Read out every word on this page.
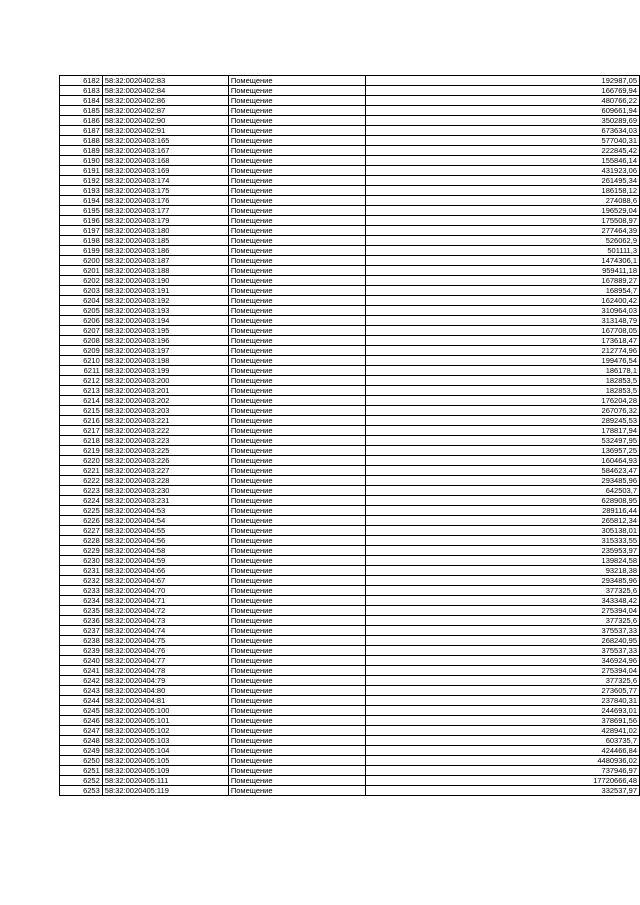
6182	58:32:0020402:83	Помещение	192987,05
6183	58:32:0020402:84	Помещение	166769,94
6184	58:32:0020402:86	Помещение	480766,22
6185	58:32:0020402:87	Помещение	609661,94
6186	58:32:0020402:90	Помещение	350289,69
6187	58:32:0020402:91	Помещение	673634,03
6188	58:32:0020403:165	Помещение	577040,31
6189	58:32:0020403:167	Помещение	222845,42
6190	58:32:0020403:168	Помещение	155846,14
6191	58:32:0020403:169	Помещение	431923,06
6192	58:32:0020403:174	Помещение	261495,34
6193	58:32:0020403:175	Помещение	186158,12
6194	58:32:0020403:176	Помещение	274088,6
6195	58:32:0020403:177	Помещение	196529,04
6196	58:32:0020403:179	Помещение	175508,97
6197	58:32:0020403:180	Помещение	277464,39
6198	58:32:0020403:185	Помещение	526062,9
6199	58:32:0020403:186	Помещение	501111,3
6200	58:32:0020403:187	Помещение	1474306,1
6201	58:32:0020403:188	Помещение	959411,18
6202	58:32:0020403:190	Помещение	167889,27
6203	58:32:0020403:191	Помещение	168954,7
6204	58:32:0020403:192	Помещение	162400,42
6205	58:32:0020403:193	Помещение	310964,03
6206	58:32:0020403:194	Помещение	313148,79
6207	58:32:0020403:195	Помещение	167708,05
6208	58:32:0020403:196	Помещение	173618,47
6209	58:32:0020403:197	Помещение	212774,96
6210	58:32:0020403:198	Помещение	199476,54
6211	58:32:0020403:199	Помещение	186178,1
6212	58:32:0020403:200	Помещение	182853,5
6213	58:32:0020403:201	Помещение	182853,5
6214	58:32:0020403:202	Помещение	176204,28
6215	58:32:0020403:203	Помещение	267076,32
6216	58:32:0020403:221	Помещение	289245,53
6217	58:32:0020403:222	Помещение	178817,94
6218	58:32:0020403:223	Помещение	532497,95
6219	58:32:0020403:225	Помещение	136957,25
6220	58:32:0020403:226	Помещение	160464,93
6221	58:32:0020403:227	Помещение	584623,47
6222	58:32:0020403:228	Помещение	293485,96
6223	58:32:0020403:230	Помещение	642503,7
6224	58:32:0020403:231	Помещение	628908,95
6225	58:32:0020404:53	Помещение	289116,44
6226	58:32:0020404:54	Помещение	265812,34
6227	58:32:0020404:55	Помещение	305138,01
6228	58:32:0020404:56	Помещение	315333,55
6229	58:32:0020404:58	Помещение	235953,97
6230	58:32:0020404:59	Помещение	139824,58
6231	58:32:0020404:66	Помещение	93218,38
6232	58:32:0020404:67	Помещение	293485,96
6233	58:32:0020404:70	Помещение	377325,6
6234	58:32:0020404:71	Помещение	343348,42
6235	58:32:0020404:72	Помещение	275394,04
6236	58:32:0020404:73	Помещение	377325,6
6237	58:32:0020404:74	Помещение	375537,33
6238	58:32:0020404:75	Помещение	268240,95
6239	58:32:0020404:76	Помещение	375537,33
6240	58:32:0020404:77	Помещение	346924,96
6241	58:32:0020404:78	Помещение	275394,04
6242	58:32:0020404:79	Помещение	377325,6
6243	58:32:0020404:80	Помещение	273605,77
6244	58:32:0020404:81	Помещение	237840,31
6245	58:32:0020405:100	Помещение	244693,01
6246	58:32:0020405:101	Помещение	378691,56
6247	58:32:0020405:102	Помещение	428941,02
6248	58:32:0020405:103	Помещение	603735,7
6249	58:32:0020405:104	Помещение	424466,84
6250	58:32:0020405:105	Помещение	4480936,02
6251	58:32:0020405:109	Помещение	737946,97
6252	58:32:0020405:111	Помещение	17720666,48
6253	58:32:0020405:119	Помещение	332537,97
